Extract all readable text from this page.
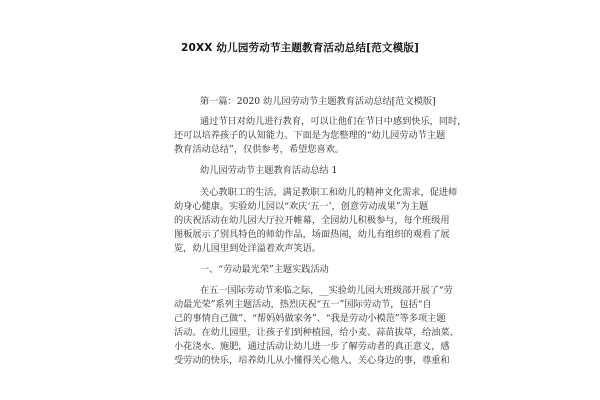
20XX 幼儿园劳动节主题教育活动总结[范文模版]
第一篇：2020 幼儿园劳动节主题教育活动总结[范文模版]
通过节日对幼儿进行教育，可以让他们在节日中感到快乐，同时，
还可以培养孩子的认知能力。下面是为您整理的“幼儿园劳动节主题
教育活动总结”，仅供参考，希望您喜欢。
幼儿园劳动节主题教育活动总结 1
关心教职工的生活，满足教职工和幼儿的精神文化需求，促进师
幼身心健康。实验幼儿园以“欢庆‘五一’，创意劳动成果”为主题
的庆祝活动在幼儿园大厅拉开帷幕，全园幼儿积极参与，每个班级用
图板展示了别具特色的师幼作品，场面热闹，幼儿有组织的观看了展
览，幼儿园里到处洋溢着欢声笑语。
一、“劳动最光荣”主题实践活动
在五一国际劳动节来临之际，__实验幼儿园大班级部开展了“劳
动最光荣”系列主题活动，热烈庆祝“五一”国际劳动节，包括“自
己的事情自己做”、“帮妈妈做家务”、“我是劳动小模范”等多项主题
活动。在幼儿园里，让孩子们到种植园，给小麦、蒜苗拔草，给油菜、
小花浇水、施肥，通过活动让幼儿进一步了解劳动者的真正意义，感
受劳动的快乐，培养幼儿从小懂得关心他人，关心身边的事，尊重和
